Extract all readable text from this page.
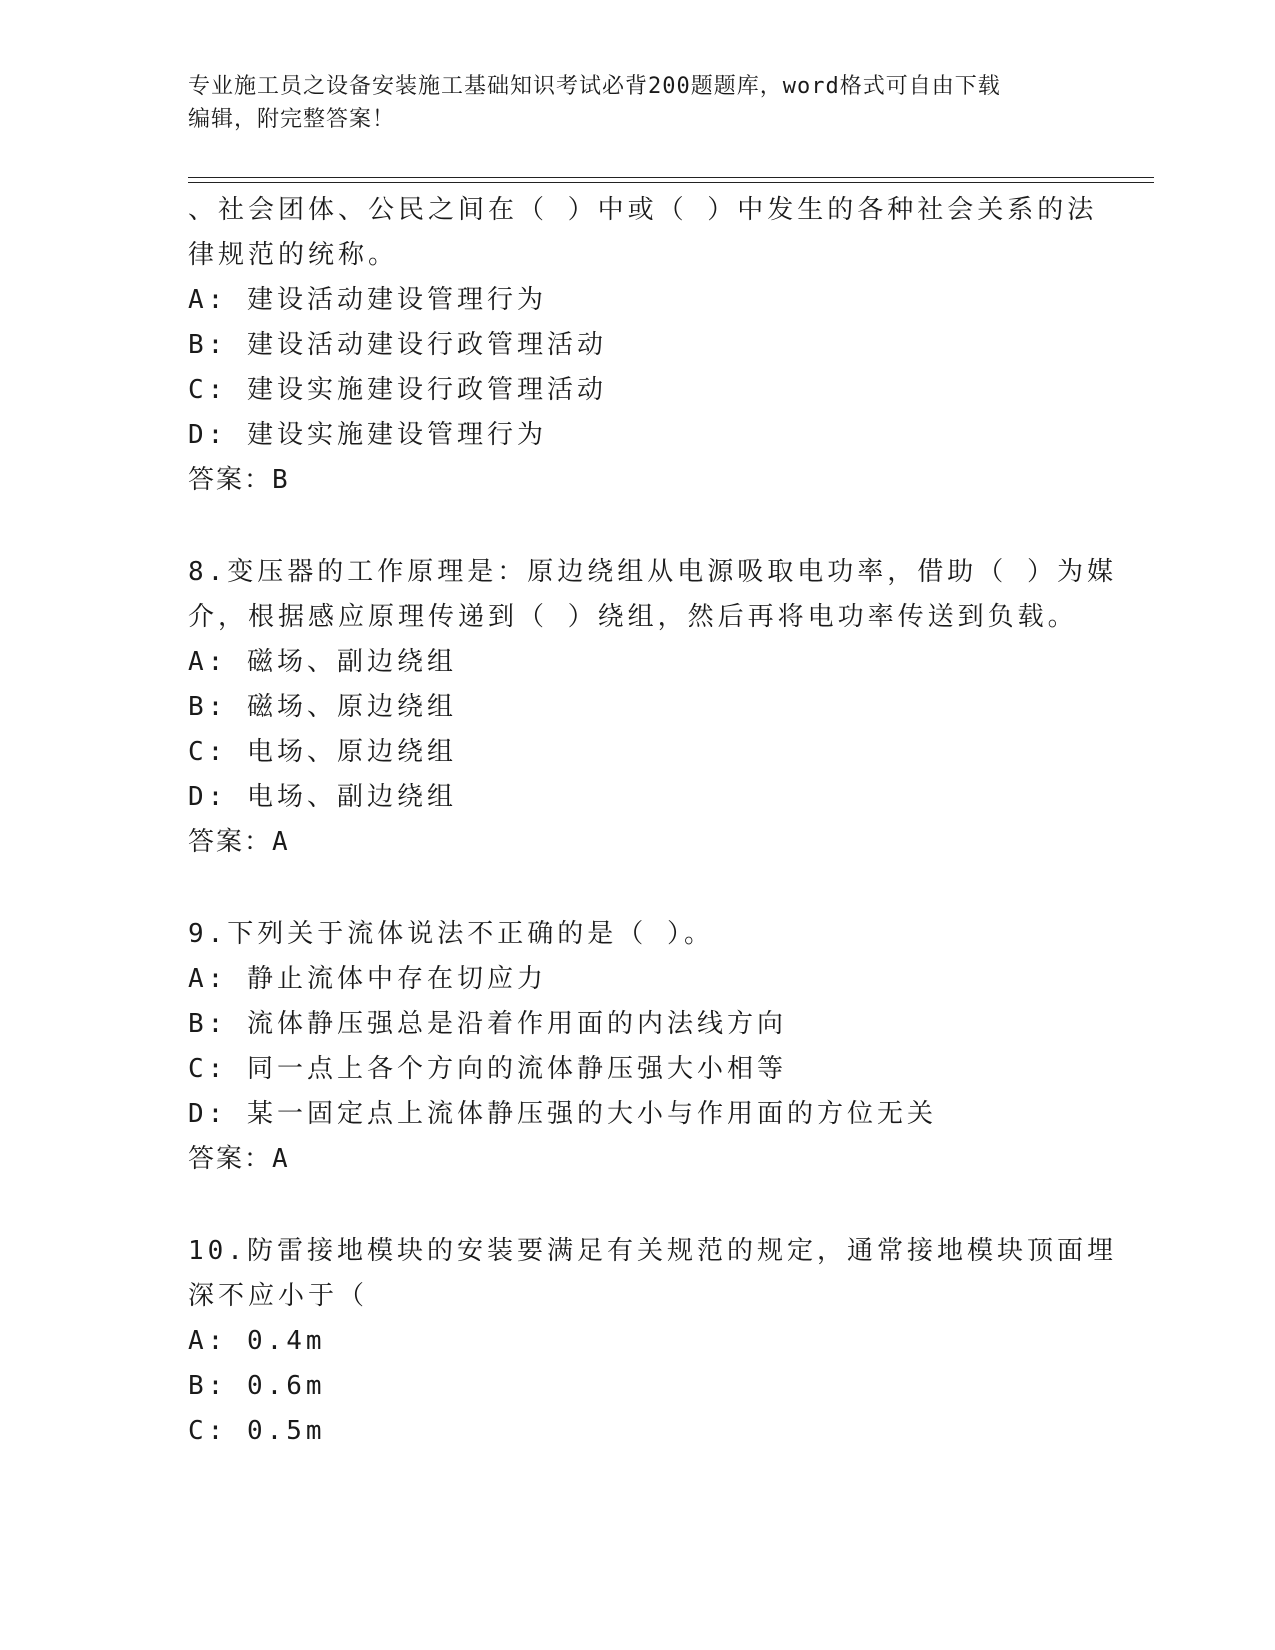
专业施工员之设备安装施工基础知识考试必背200题题库，word格式可自由下载
编辑，附完整答案！
、社会团体、公民之间在（ ）中或（ ）中发生的各种社会关系的法
律规范的统称。
A: 建设活动建设管理行为
B: 建设活动建设行政管理活动
C: 建设实施建设行政管理活动
D: 建设实施建设管理行为
答案：B
8.变压器的工作原理是：原边绕组从电源吸取电功率，借助（ ）为媒
介，根据感应原理传递到（ ）绕组，然后再将电功率传送到负载。
A: 磁场、副边绕组
B: 磁场、原边绕组
C: 电场、原边绕组
D: 电场、副边绕组
答案：A
9.下列关于流体说法不正确的是（ ）。
A: 静止流体中存在切应力
B: 流体静压强总是沿着作用面的内法线方向
C: 同一点上各个方向的流体静压强大小相等
D: 某一固定点上流体静压强的大小与作用面的方位无关
答案：A
10.防雷接地模块的安装要满足有关规范的规定，通常接地模块顶面埋
深不应小于（
A: 0.4m
B: 0.6m
C: 0.5m
